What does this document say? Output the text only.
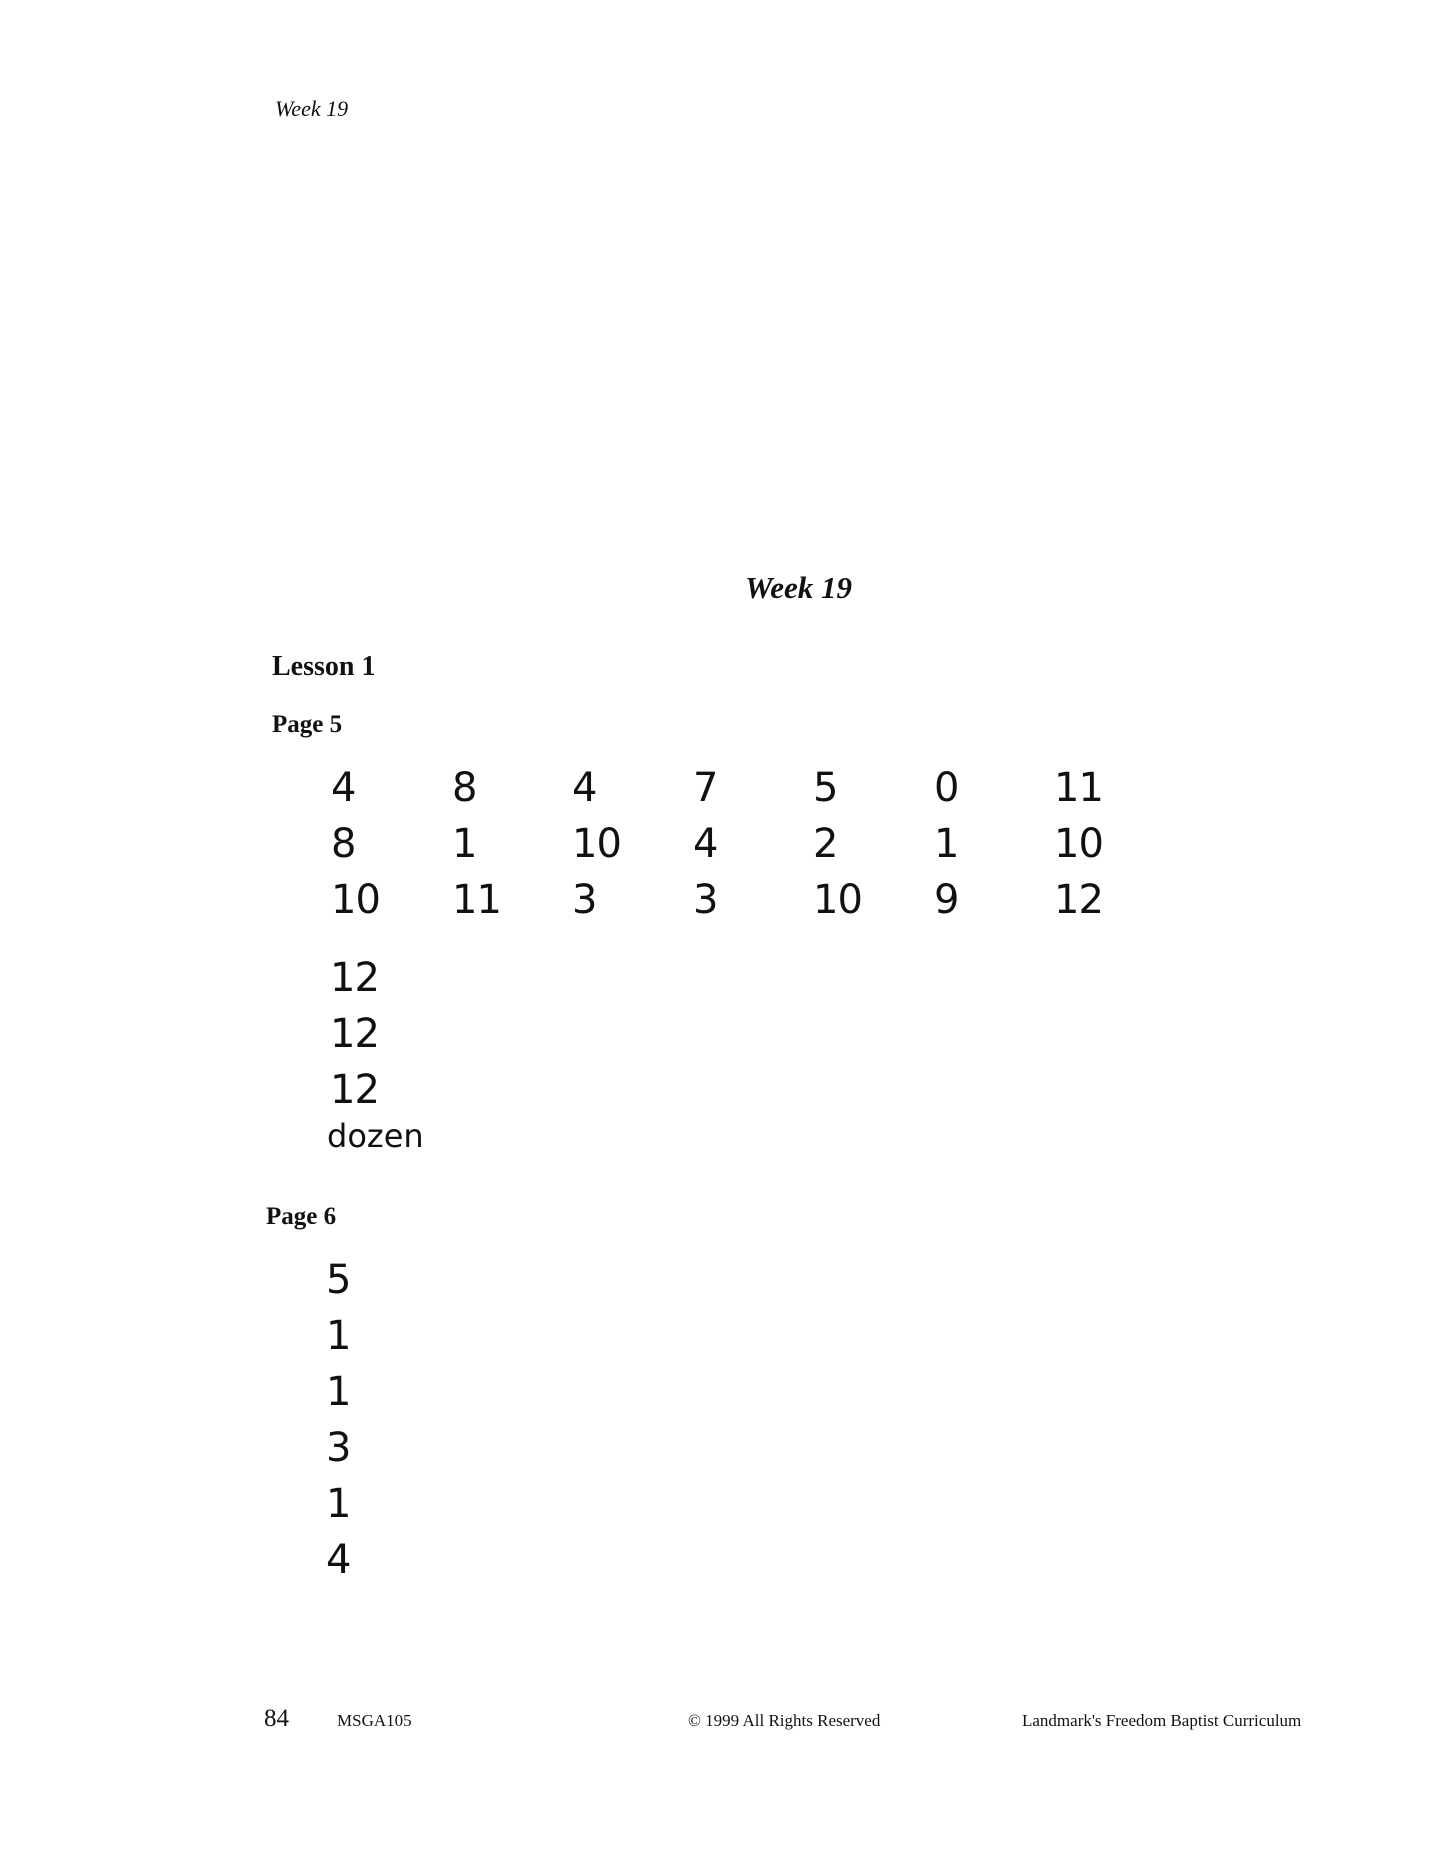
Week 19
Week 19
Lesson 1
Page 5
4 8 4 7 5 0 11
8 1 10 4 2 1 10
10 11 3 3 10 9 12
12
12
12
dozen
Page 6
5
1
1
3
1
4
84	MSGA105	© 1999 All Rights Reserved	Landmark's Freedom Baptist Curriculum
